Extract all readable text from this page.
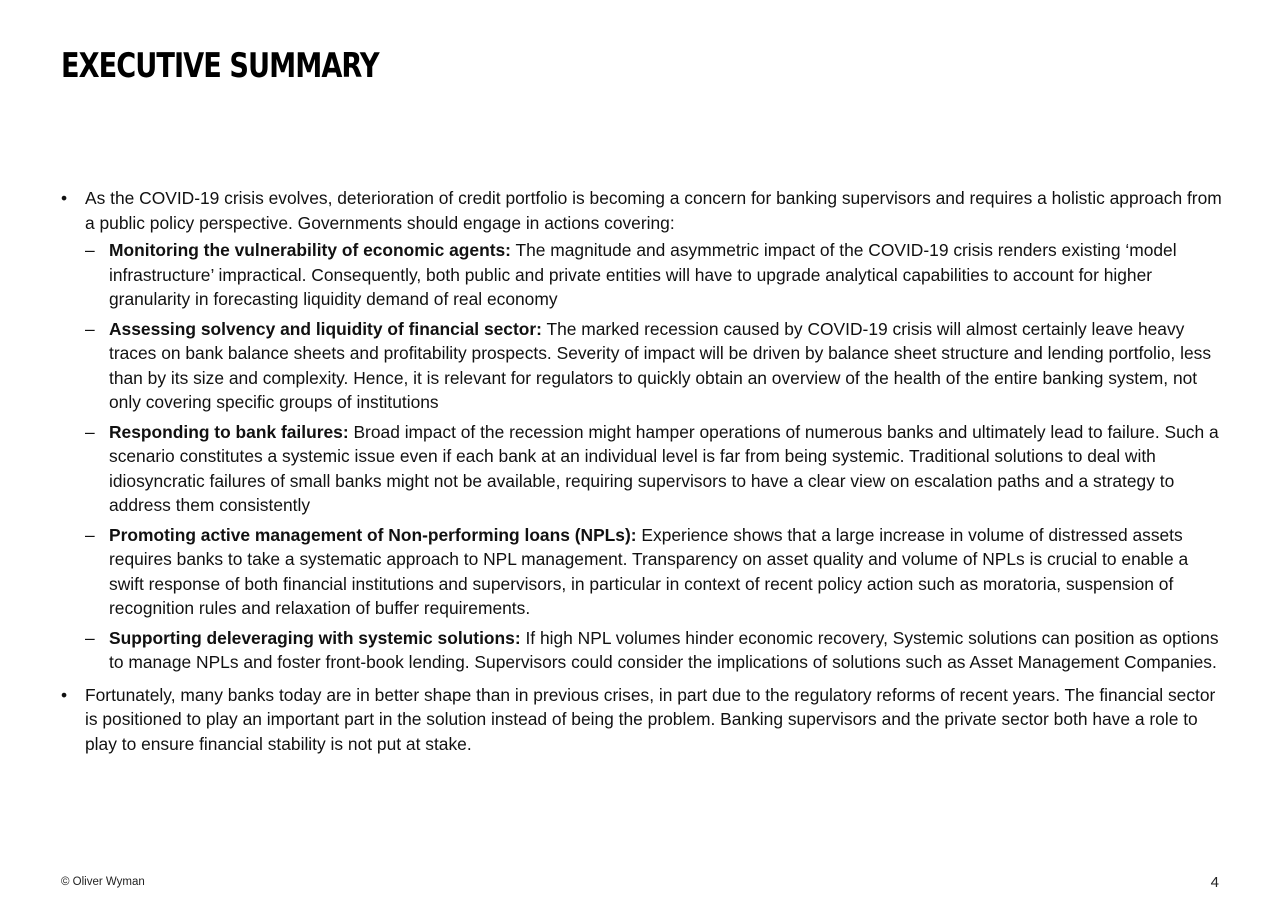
EXECUTIVE SUMMARY
•	As the COVID-19 crisis evolves, deterioration of credit portfolio is becoming a concern for banking supervisors and requires a holistic approach from a public policy perspective. Governments should engage in actions covering:
– Monitoring the vulnerability of economic agents: The magnitude and asymmetric impact of the COVID-19 crisis renders existing ‘model infrastructure’ impractical. Consequently, both public and private entities will have to upgrade analytical capabilities to account for higher granularity in forecasting liquidity demand of real economy
– Assessing solvency and liquidity of financial sector: The marked recession caused by COVID-19 crisis will almost certainly leave heavy traces on bank balance sheets and profitability prospects. Severity of impact will be driven by balance sheet structure and lending portfolio, less than by its size and complexity. Hence, it is relevant for regulators to quickly obtain an overview of the health of the entire banking system, not only covering specific groups of institutions
– Responding to bank failures: Broad impact of the recession might hamper operations of numerous banks and ultimately lead to failure. Such a scenario constitutes a systemic issue even if each bank at an individual level is far from being systemic. Traditional solutions to deal with idiosyncratic failures of small banks might not be available, requiring supervisors to have a clear view on escalation paths and a strategy to address them consistently
– Promoting active management of Non-performing loans (NPLs): Experience shows that a large increase in volume of distressed assets requires banks to take a systematic approach to NPL management. Transparency on asset quality and volume of NPLs is crucial to enable a swift response of both financial institutions and supervisors, in particular in context of recent policy action such as moratoria, suspension of recognition rules and relaxation of buffer requirements.
– Supporting deleveraging with systemic solutions: If high NPL volumes hinder economic recovery, Systemic solutions can position as options to manage NPLs and foster front-book lending. Supervisors could consider the implications of solutions such as Asset Management Companies.
•	Fortunately, many banks today are in better shape than in previous crises, in part due to the regulatory reforms of recent years. The financial sector is positioned to play an important part in the solution instead of being the problem. Banking supervisors and the private sector both have a role to play to ensure financial stability is not put at stake.
© Oliver Wyman	4
